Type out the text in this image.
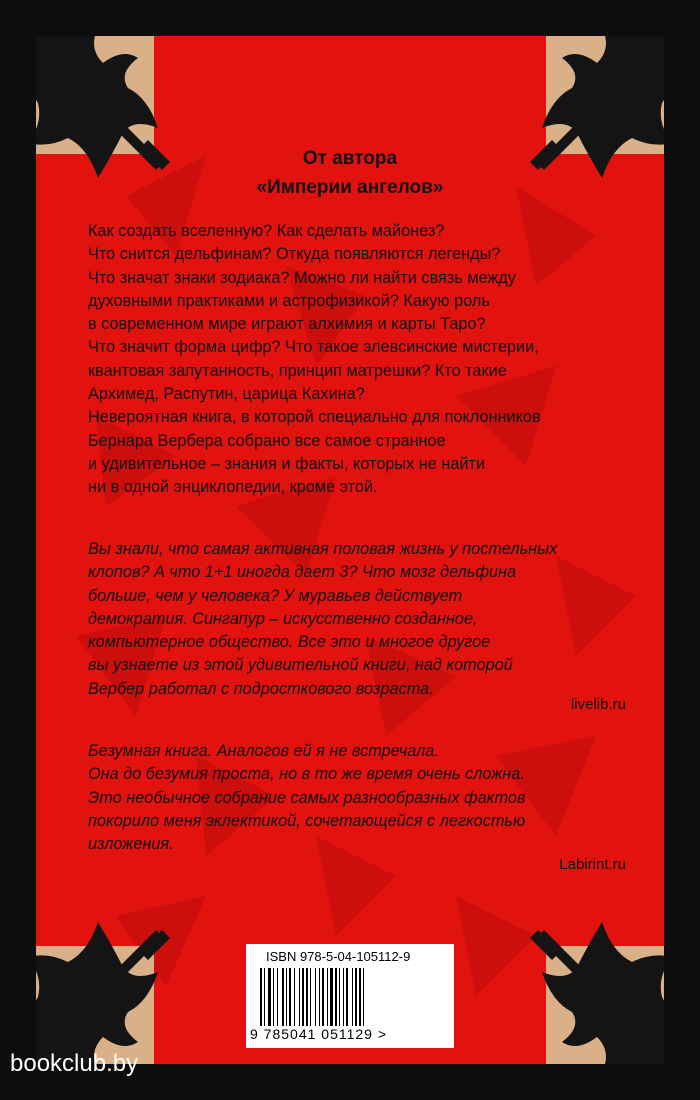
От автора
«Империи ангелов»
Как создать вселенную? Как сделать майонез?
Что снится дельфинам? Откуда появляются легенды?
Что значат знаки зодиака? Можно ли найти связь между
духовными практиками и астрофизикой? Какую роль
в современном мире играют алхимия и карты Таро?
Что значит форма цифр? Что такое элевсинские мистерии,
квантовая запутанность, принцип матрешки? Кто такие
Архимед, Распутин, царица Кахина?
Невероятная книга, в которой специально для поклонников
Бернара Вербера собрано все самое странное
и удивительное – знания и факты, которых не найти
ни в одной энциклопедии, кроме этой.
Вы знали, что самая активная половая жизнь у постельных
клопов? А что 1+1 иногда дает 3? Что мозг дельфина
больше, чем у человека? У муравьев действует
демократия. Сингапур – искусственно созданное,
компьютерное общество. Все это и многое другое
вы узнаете из этой удивительной книги, над которой
Вербер работал с подросткового возраста.
livelib.ru
Безумная книга. Аналогов ей я не встречала.
Она до безумия проста, но в то же время очень сложна.
Это необычное собрание самых разнообразных фактов
покорило меня эклектикой, сочетающейся с легкостью
изложения.
Labirint.ru
ISBN 978-5-04-105112-9
9 785041 051129 >
bookclub.by
